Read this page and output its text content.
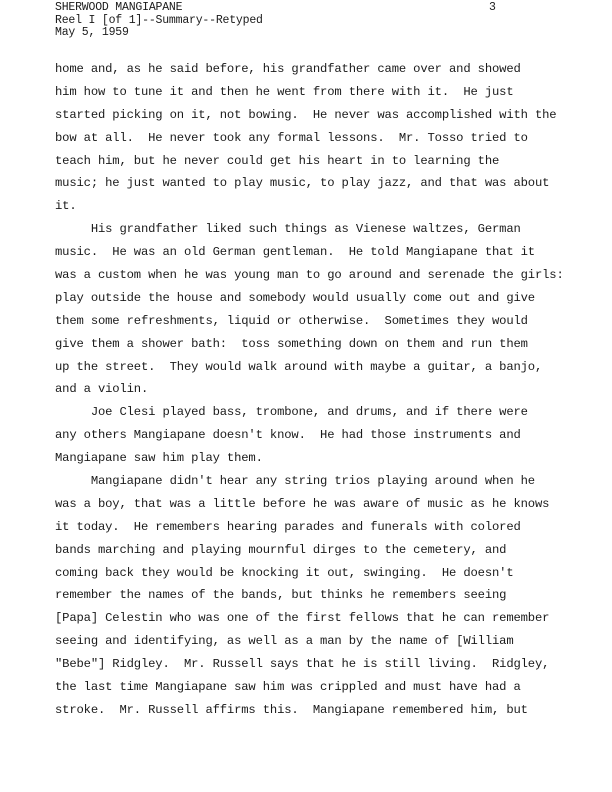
SHERWOOD MANGIAPANE
Reel I [of 1]--Summary--Retyped
May 5, 1959
3
home and, as he said before, his grandfather came over and showed
him how to tune it and then he went from there with it.  He just
started picking on it, not bowing.  He never was accomplished with the
bow at all.  He never took any formal lessons.  Mr. Tosso tried to
teach him, but he never could get his heart in to learning the
music; he just wanted to play music, to play jazz, and that was about
it.
His grandfather liked such things as Vienese waltzes, German
music.  He was an old German gentleman.  He told Mangiapane that it
was a custom when he was young man to go around and serenade the girls:
play outside the house and somebody would usually come out and give
them some refreshments, liquid or otherwise.  Sometimes they would
give them a shower bath:  toss something down on them and run them
up the street.  They would walk around with maybe a guitar, a banjo,
and a violin.
Joe Clesi played bass, trombone, and drums, and if there were
any others Mangiapane doesn't know.  He had those instruments and
Mangiapane saw him play them.
Mangiapane didn't hear any string trios playing around when he
was a boy, that was a little before he was aware of music as he knows
it today.  He remembers hearing parades and funerals with colored
bands marching and playing mournful dirges to the cemetery, and
coming back they would be knocking it out, swinging.  He doesn't
remember the names of the bands, but thinks he remembers seeing
[Papa] Celestin who was one of the first fellows that he can remember
seeing and identifying, as well as a man by the name of [William
"Bebe"] Ridgley.  Mr. Russell says that he is still living.  Ridgley,
the last time Mangiapane saw him was crippled and must have had a
stroke.  Mr. Russell affirms this.  Mangiapane remembered him, but
